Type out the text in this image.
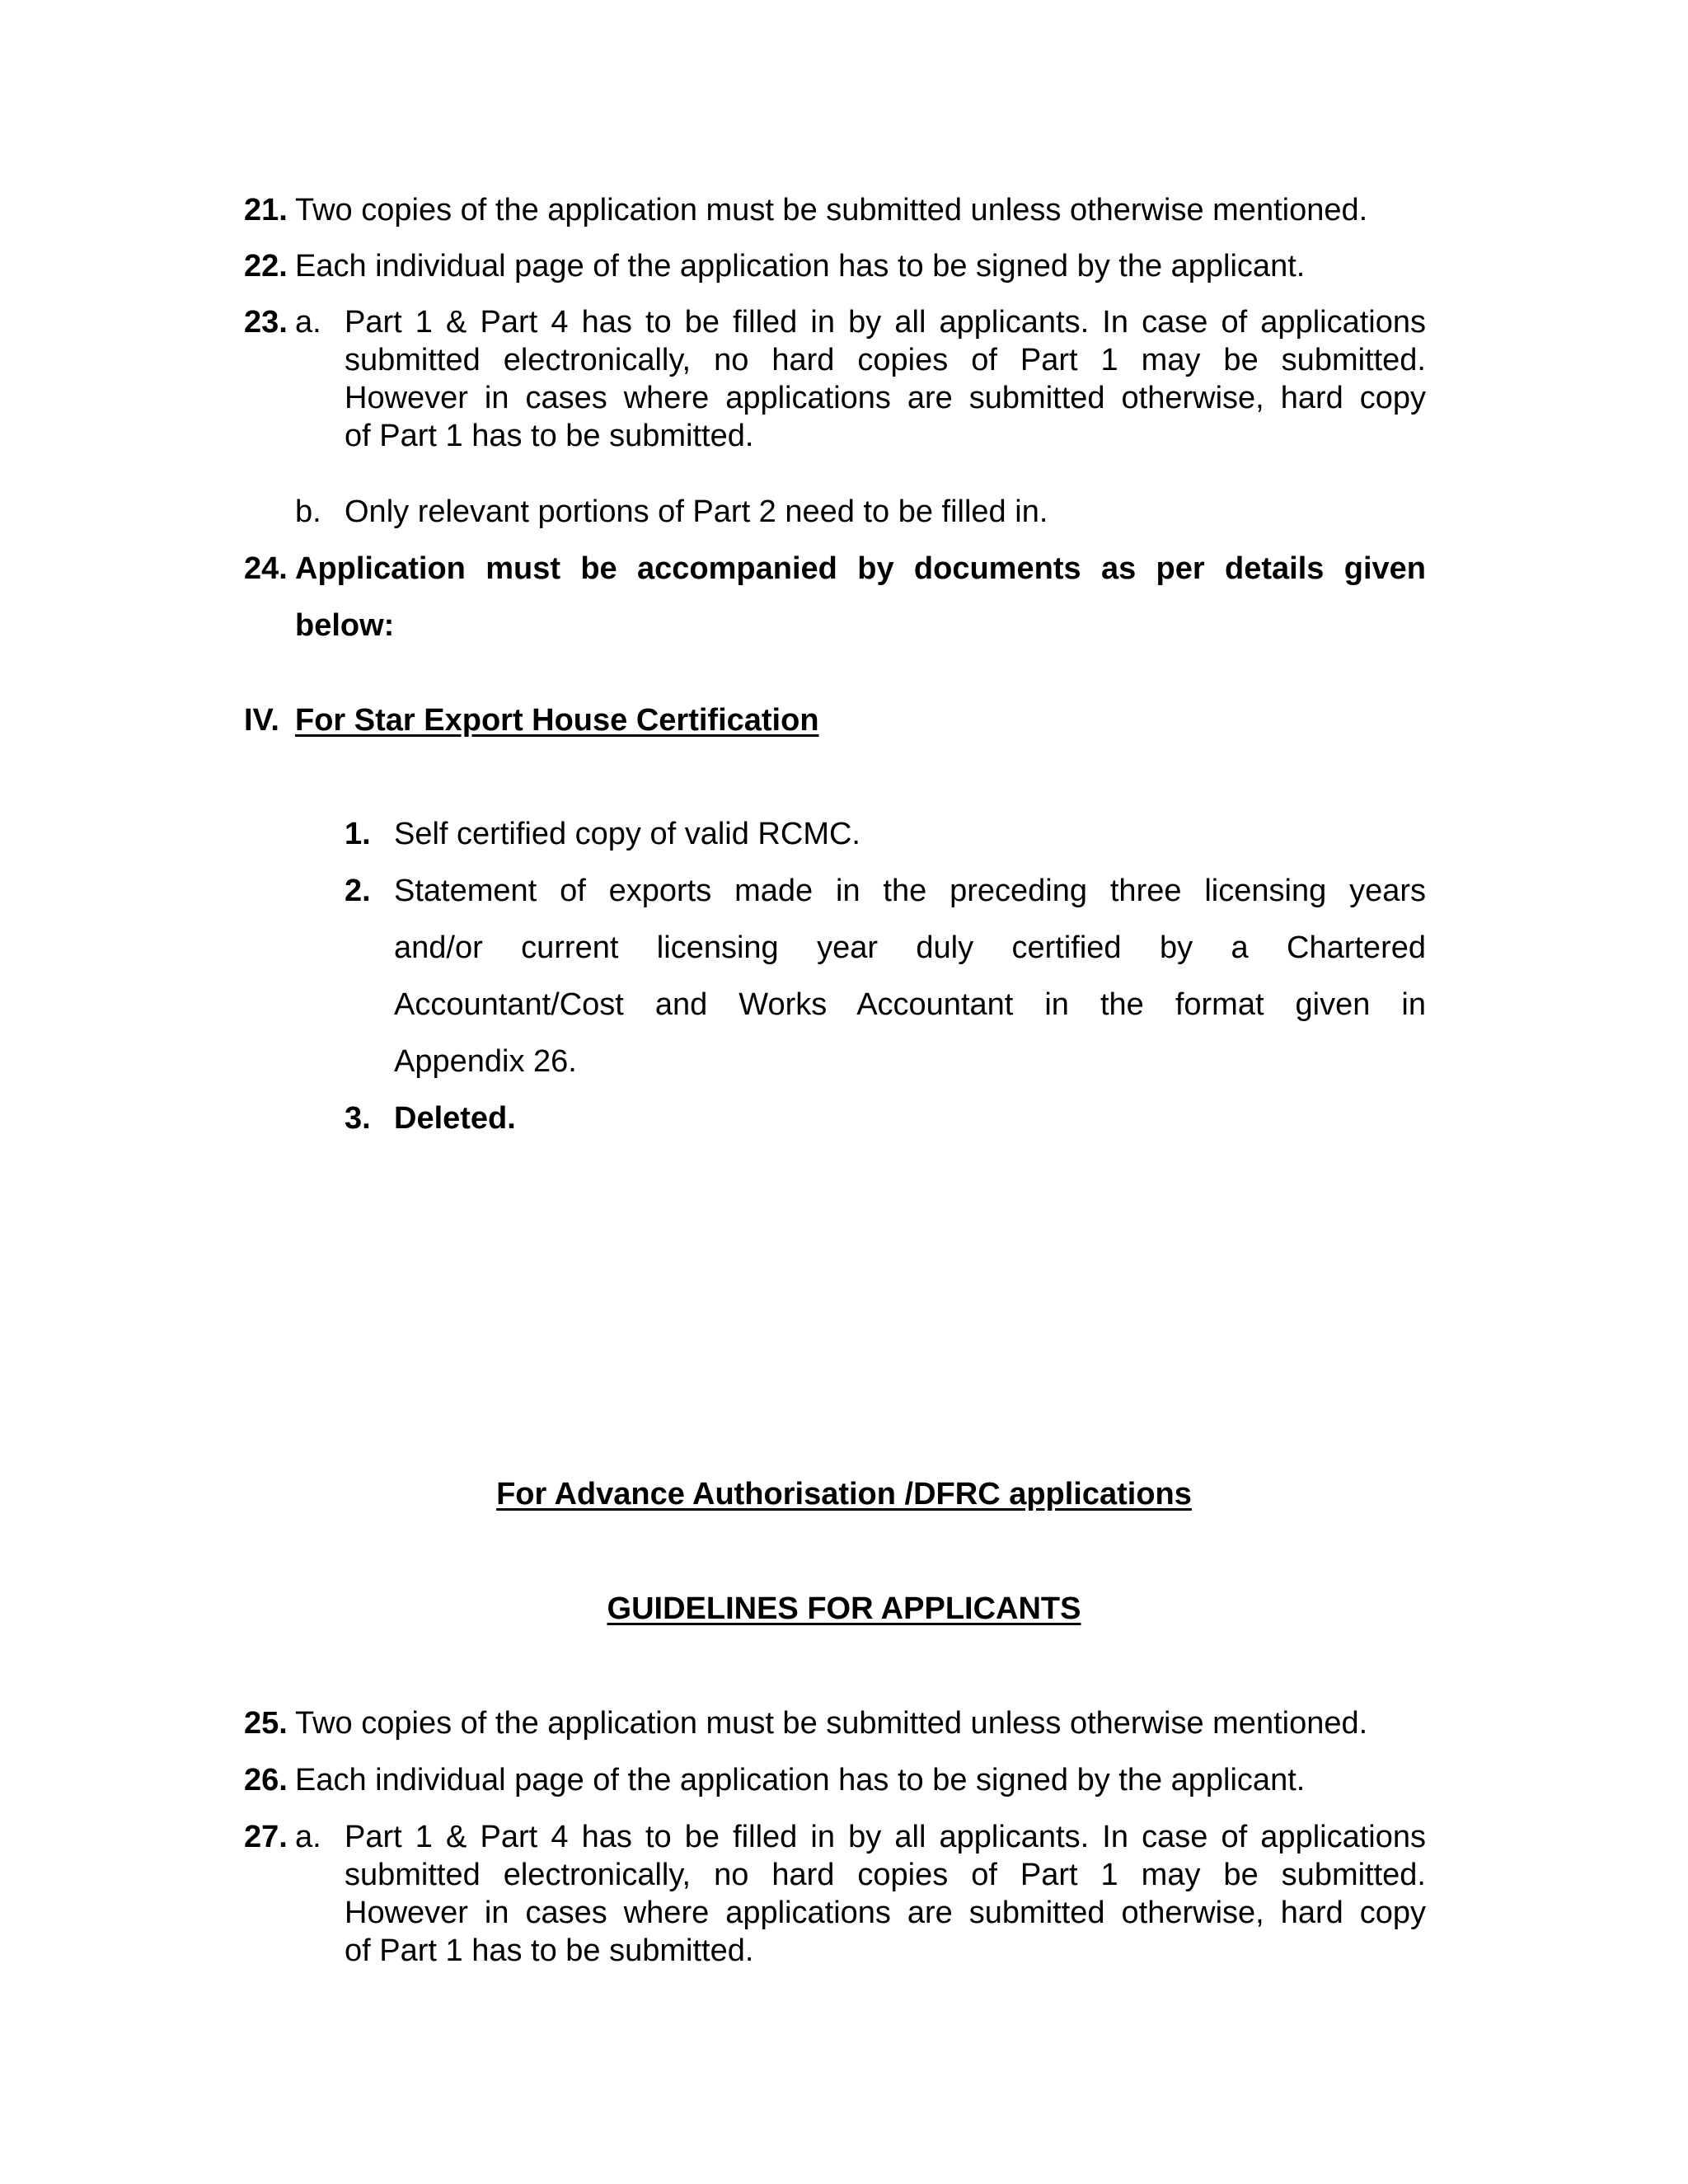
21. Two copies of the application must be submitted unless otherwise mentioned.
22. Each individual page of the application has to be signed by the applicant.
23. a. Part 1 & Part 4 has to be filled in by all applicants. In case of applications
submitted electronically, no hard copies of Part 1 may be submitted.
However in cases where applications are submitted otherwise, hard copy
of Part 1 has to be submitted.
b. Only relevant portions of Part 2 need to be filled in.
24. Application must be accompanied by documents as per details given
below:
IV. For Star Export House Certification
1. Self certified copy of valid RCMC.
2. Statement of exports made in the preceding three licensing years
and/or current licensing year duly certified by a Chartered
Accountant/Cost and Works Accountant in the format given in
Appendix 26.
3. Deleted.
For Advance Authorisation /DFRC applications
GUIDELINES FOR APPLICANTS
25. Two copies of the application must be submitted unless otherwise mentioned.
26. Each individual page of the application has to be signed by the applicant.
27. a. Part 1 & Part 4 has to be filled in by all applicants. In case of applications
submitted electronically, no hard copies of Part 1 may be submitted.
However in cases where applications are submitted otherwise, hard copy
of Part 1 has to be submitted.
